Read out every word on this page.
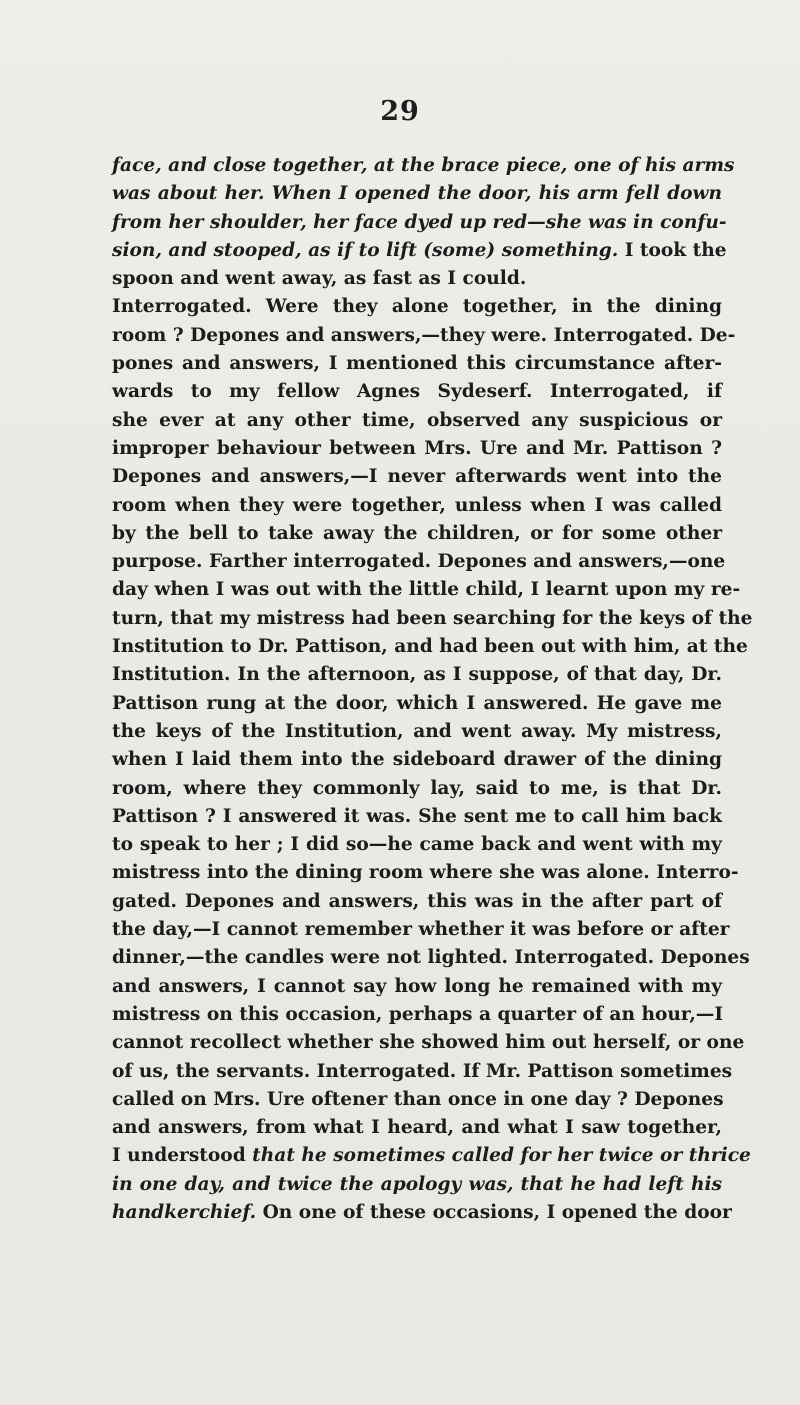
29
face, and close together, at the brace piece, one of his arms
was about her. When I opened the door, his arm fell down
from her shoulder, her face dyed up red—she was in confu-
sion, and stooped, as if to lift (some) something. I took the
spoon and went away, as fast as I could.
Interrogated. Were they alone together, in the dining
room ? Depones and answers,—they were. Interrogated. De-
pones and answers, I mentioned this circumstance after-
wards to my fellow Agnes Sydeserf. Interrogated, if
she ever at any other time, observed any suspicious or
improper behaviour between Mrs. Ure and Mr. Pattison ?
Depones and answers,—I never afterwards went into the
room when they were together, unless when I was called
by the bell to take away the children, or for some other
purpose. Farther interrogated. Depones and answers,—one
day when I was out with the little child, I learnt upon my re-
turn, that my mistress had been searching for the keys of the
Institution to Dr. Pattison, and had been out with him, at the
Institution. In the afternoon, as I suppose, of that day, Dr.
Pattison rung at the door, which I answered. He gave me
the keys of the Institution, and went away. My mistress,
when I laid them into the sideboard drawer of the dining
room, where they commonly lay, said to me, is that Dr.
Pattison ? I answered it was. She sent me to call him back
to speak to her ; I did so—he came back and went with my
mistress into the dining room where she was alone. Interro-
gated. Depones and answers, this was in the after part of
the day,—I cannot remember whether it was before or after
dinner,—the candles were not lighted. Interrogated. Depones
and answers, I cannot say how long he remained with my
mistress on this occasion, perhaps a quarter of an hour,—I
cannot recollect whether she showed him out herself, or one
of us, the servants. Interrogated. If Mr. Pattison sometimes
called on Mrs. Ure oftener than once in one day ? Depones
and answers, from what I heard, and what I saw together,
I understood that he sometimes called for her twice or thrice
in one day, and twice the apology was, that he had left his
handkerchief. On one of these occasions, I opened the door
